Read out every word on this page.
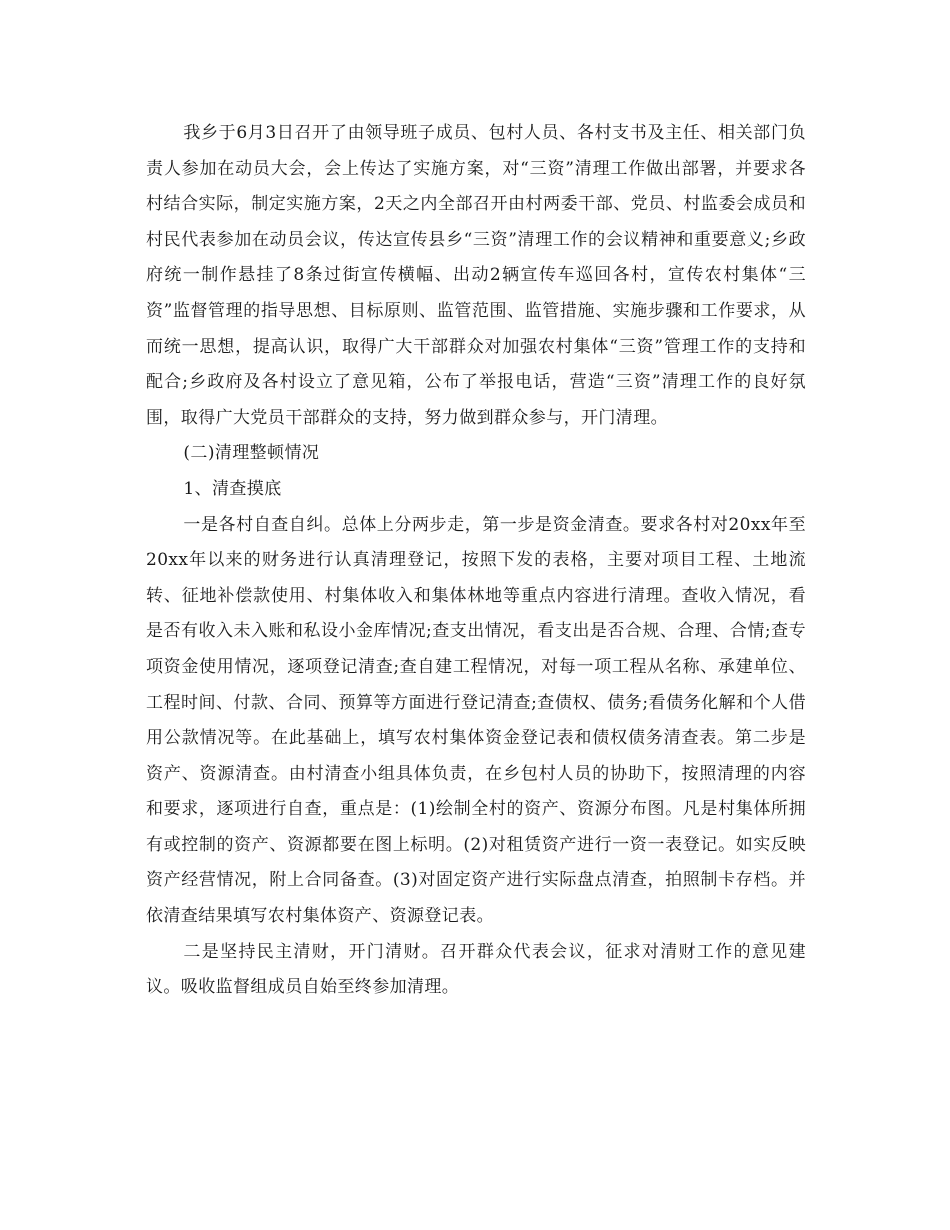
我乡于6月3日召开了由领导班子成员、包村人员、各村支书及主任、相关部门负责人参加在动员大会，会上传达了实施方案，对“三资”清理工作做出部署，并要求各村结合实际，制定实施方案，2天之内全部召开由村两委干部、党员、村监委会成员和村民代表参加在动员会议，传达宣传县乡“三资”清理工作的会议精神和重要意义;乡政府统一制作悬挂了8条过街宣传横幅、出动2辆宣传车巡回各村，宣传农村集体“三资”监督管理的指导思想、目标原则、监管范围、监管措施、实施步骤和工作要求，从而统一思想，提高认识，取得广大干部群众对加强农村集体“三资”管理工作的支持和配合;乡政府及各村设立了意见箱，公布了举报电话，营造“三资”清理工作的良好氛围，取得广大党员干部群众的支持，努力做到群众参与，开门清理。

(二)清理整顿情况

1、清查摸底

一是各村自查自纠。总体上分两步走，第一步是资金清查。要求各村对20xx年至20xx年以来的财务进行认真清理登记，按照下发的表格，主要对项目工程、土地流转、征地补偿款使用、村集体收入和集体林地等重点内容进行清理。查收入情况，看是否有收入未入账和私设小金库情况;查支出情况，看支出是否合规、合理、合情;查专项资金使用情况，逐项登记清查;查自建工程情况，对每一项工程从名称、承建单位、工程时间、付款、合同、预算等方面进行登记清查;查债权、债务;看债务化解和个人借用公款情况等。在此基础上，填写农村集体资金登记表和债权债务清查表。第二步是资产、资源清查。由村清查小组具体负责，在乡包村人员的协助下，按照清理的内容和要求，逐项进行自查，重点是：(1)绘制全村的资产、资源分布图。凡是村集体所拥有或控制的资产、资源都要在图上标明。(2)对租赁资产进行一资一表登记。如实反映资产经营情况，附上合同备查。(3)对固定资产进行实际盘点清查，拍照制卡存档。并依清查结果填写农村集体资产、资源登记表。

二是坚持民主清财，开门清财。召开群众代表会议，征求对清财工作的意见建议。吸收监督组成员自始至终参加清理。
